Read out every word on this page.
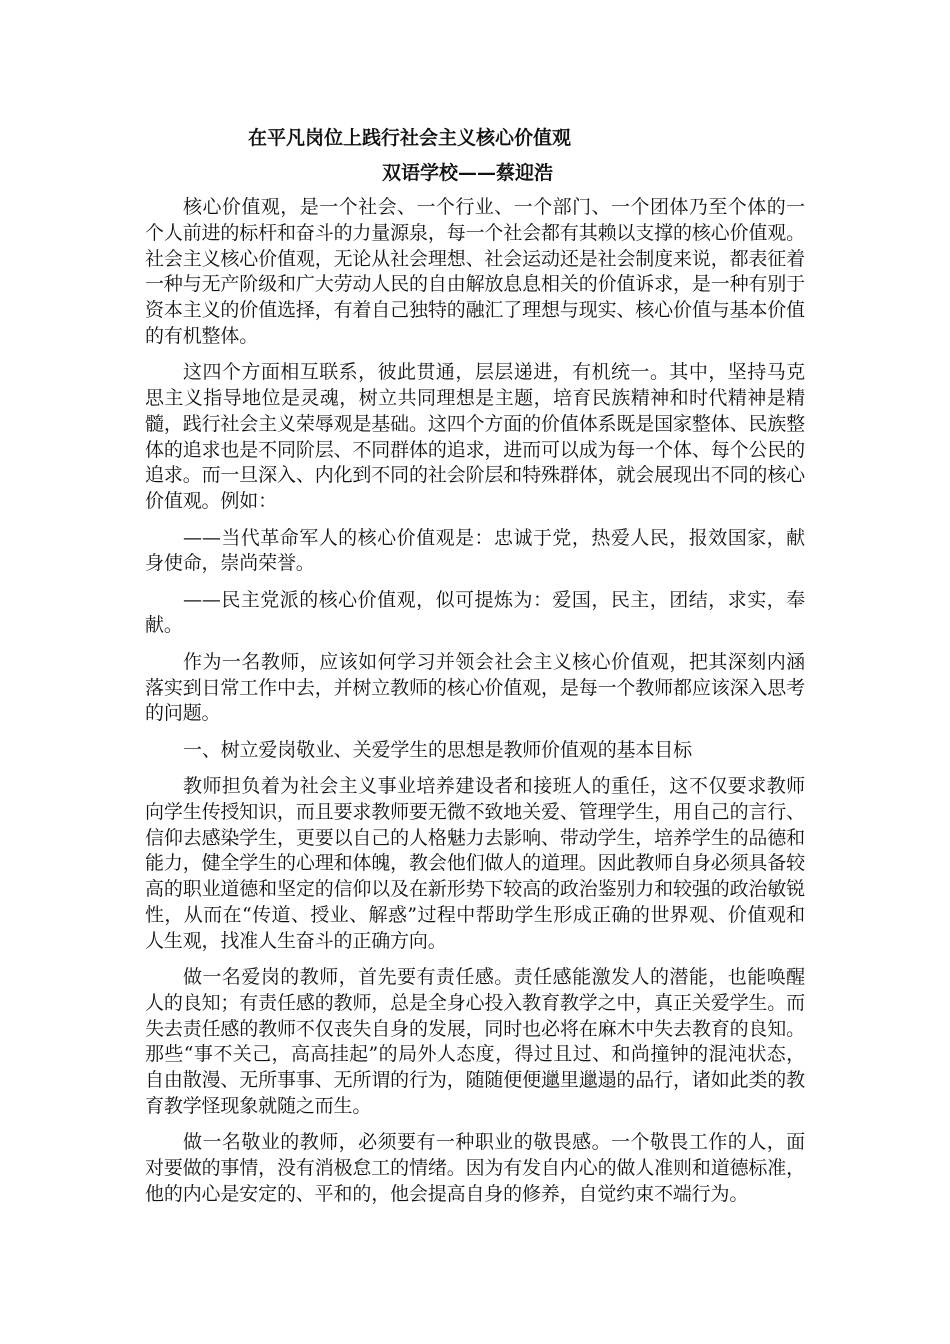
在平凡岗位上践行社会主义核心价值观

双语学校——蔡迎浩

核心价值观，是一个社会、一个行业、一个部门、一个团体乃至个体的一个人前进的标杆和奋斗的力量源泉，每一个社会都有其赖以支撑的核心价值观。社会主义核心价值观，无论从社会理想、社会运动还是社会制度来说，都表征着一种与无产阶级和广大劳动人民的自由解放息息相关的价值诉求，是一种有别于资本主义的价值选择，有着自己独特的融汇了理想与现实、核心价值与基本价值的有机整体。

这四个方面相互联系，彼此贯通，层层递进，有机统一。其中，坚持马克思主义指导地位是灵魂，树立共同理想是主题，培育民族精神和时代精神是精髓，践行社会主义荣辱观是基础。这四个方面的价值体系既是国家整体、民族整体的追求也是不同阶层、不同群体的追求，进而可以成为每一个体、每个公民的追求。而一旦深入、内化到不同的社会阶层和特殊群体，就会展现出不同的核心价值观。例如：

——当代革命军人的核心价值观是：忠诚于党，热爱人民，报效国家，献身使命，崇尚荣誉。

——民主党派的核心价值观，似可提炼为：爱国，民主，团结，求实，奉献。

作为一名教师，应该如何学习并领会社会主义核心价值观，把其深刻内涵落实到日常工作中去，并树立教师的核心价值观，是每一个教师都应该深入思考的问题。

一、树立爱岗敬业、关爱学生的思想是教师价值观的基本目标

教师担负着为社会主义事业培养建设者和接班人的重任，这不仅要求教师向学生传授知识，而且要求教师要无微不致地关爱、管理学生，用自己的言行、信仰去感染学生，更要以自己的人格魅力去影响、带动学生，培养学生的品德和能力，健全学生的心理和体魄，教会他们做人的道理。因此教师自身必须具备较高的职业道德和坚定的信仰以及在新形势下较高的政治鉴别力和较强的政治敏锐性，从而在“传道、授业、解惑”过程中帮助学生形成正确的世界观、价值观和人生观，找准人生奋斗的正确方向。

做一名爱岗的教师，首先要有责任感。责任感能激发人的潜能，也能唤醒人的良知；有责任感的教师，总是全身心投入教育教学之中，真正关爱学生。而失去责任感的教师不仅丧失自身的发展，同时也必将在麻木中失去教育的良知。那些“事不关己，高高挂起”的局外人态度，得过且过、和尚撞钟的混沌状态，自由散漫、无所事事、无所谓的行为，随随便便邋里邋遢的品行，诸如此类的教育教学怪现象就随之而生。

做一名敬业的教师，必须要有一种职业的敬畏感。一个敬畏工作的人，面对要做的事情，没有消极怠工的情绪。因为有发自内心的做人准则和道德标准，他的内心是安定的、平和的，他会提高自身的修养，自觉约束不端行为。
